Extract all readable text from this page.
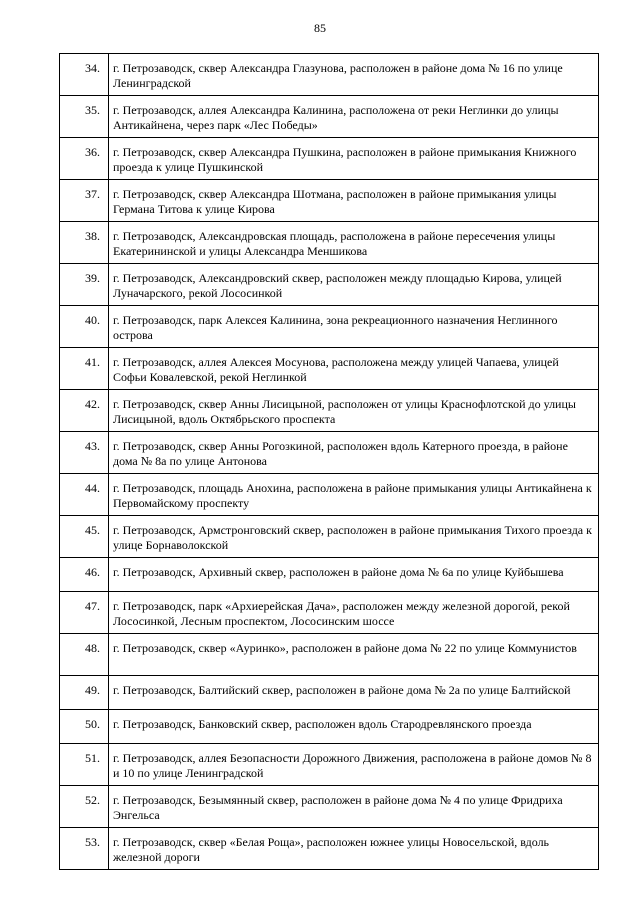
85
34.	г. Петрозаводск, сквер Александра Глазунова, расположен в районе дома № 16 по улице Ленинградской
35.	г. Петрозаводск, аллея Александра Калинина, расположена от реки Неглинки до улицы Антикайнена, через парк «Лес Победы»
36.	г. Петрозаводск, сквер Александра Пушкина, расположен в районе примыкания Книжного проезда к улице Пушкинской
37.	г. Петрозаводск, сквер Александра Шотмана, расположен в районе примыкания улицы Германа Титова к улице Кирова
38.	г. Петрозаводск, Александровская площадь, расположена в районе пересечения улицы Екатерининской и улицы Александра Меншикова
39.	г. Петрозаводск, Александровский сквер, расположен между площадью Кирова, улицей Луначарского, рекой Лососинкой
40.	г. Петрозаводск, парк Алексея Калинина, зона рекреационного назначения Неглинного острова
41.	г. Петрозаводск, аллея Алексея Мосунова, расположена между улицей Чапаева, улицей Софьи Ковалевской, рекой Неглинкой
42.	г. Петрозаводск, сквер Анны Лисицыной, расположен от улицы Краснофлотской до улицы Лисицыной, вдоль Октябрьского проспекта
43.	г. Петрозаводск, сквер Анны Рогозкиной, расположен вдоль Катерного проезда, в районе дома № 8а по улице Антонова
44.	г. Петрозаводск, площадь Анохина, расположена в районе примыкания улицы Антикайнена к Первомайскому проспекту
45.	г. Петрозаводск, Армстронговский сквер, расположен в районе примыкания Тихого проезда к улице Борнаволокской
46.	г. Петрозаводск, Архивный сквер, расположен в районе дома № 6а по улице Куйбышева
47.	г. Петрозаводск, парк «Архиерейская Дача», расположен между железной дорогой, рекой Лососинкой, Лесным проспектом, Лососинским шоссе
48.	г. Петрозаводск, сквер «Ауринко», расположен в районе дома № 22 по улице Коммунистов
49.	г. Петрозаводск, Балтийский сквер, расположен в районе дома № 2а по улице Балтийской
50.	г. Петрозаводск, Банковский сквер, расположен вдоль Стародревлянского проезда
51.	г. Петрозаводск, аллея Безопасности Дорожного Движения, расположена в районе домов № 8 и 10 по улице Ленинградской
52.	г. Петрозаводск, Безымянный сквер, расположен в районе дома № 4 по улице Фридриха Энгельса
53.	г. Петрозаводск, сквер «Белая Роща», расположен южнее улицы Новосельской, вдоль железной дороги
